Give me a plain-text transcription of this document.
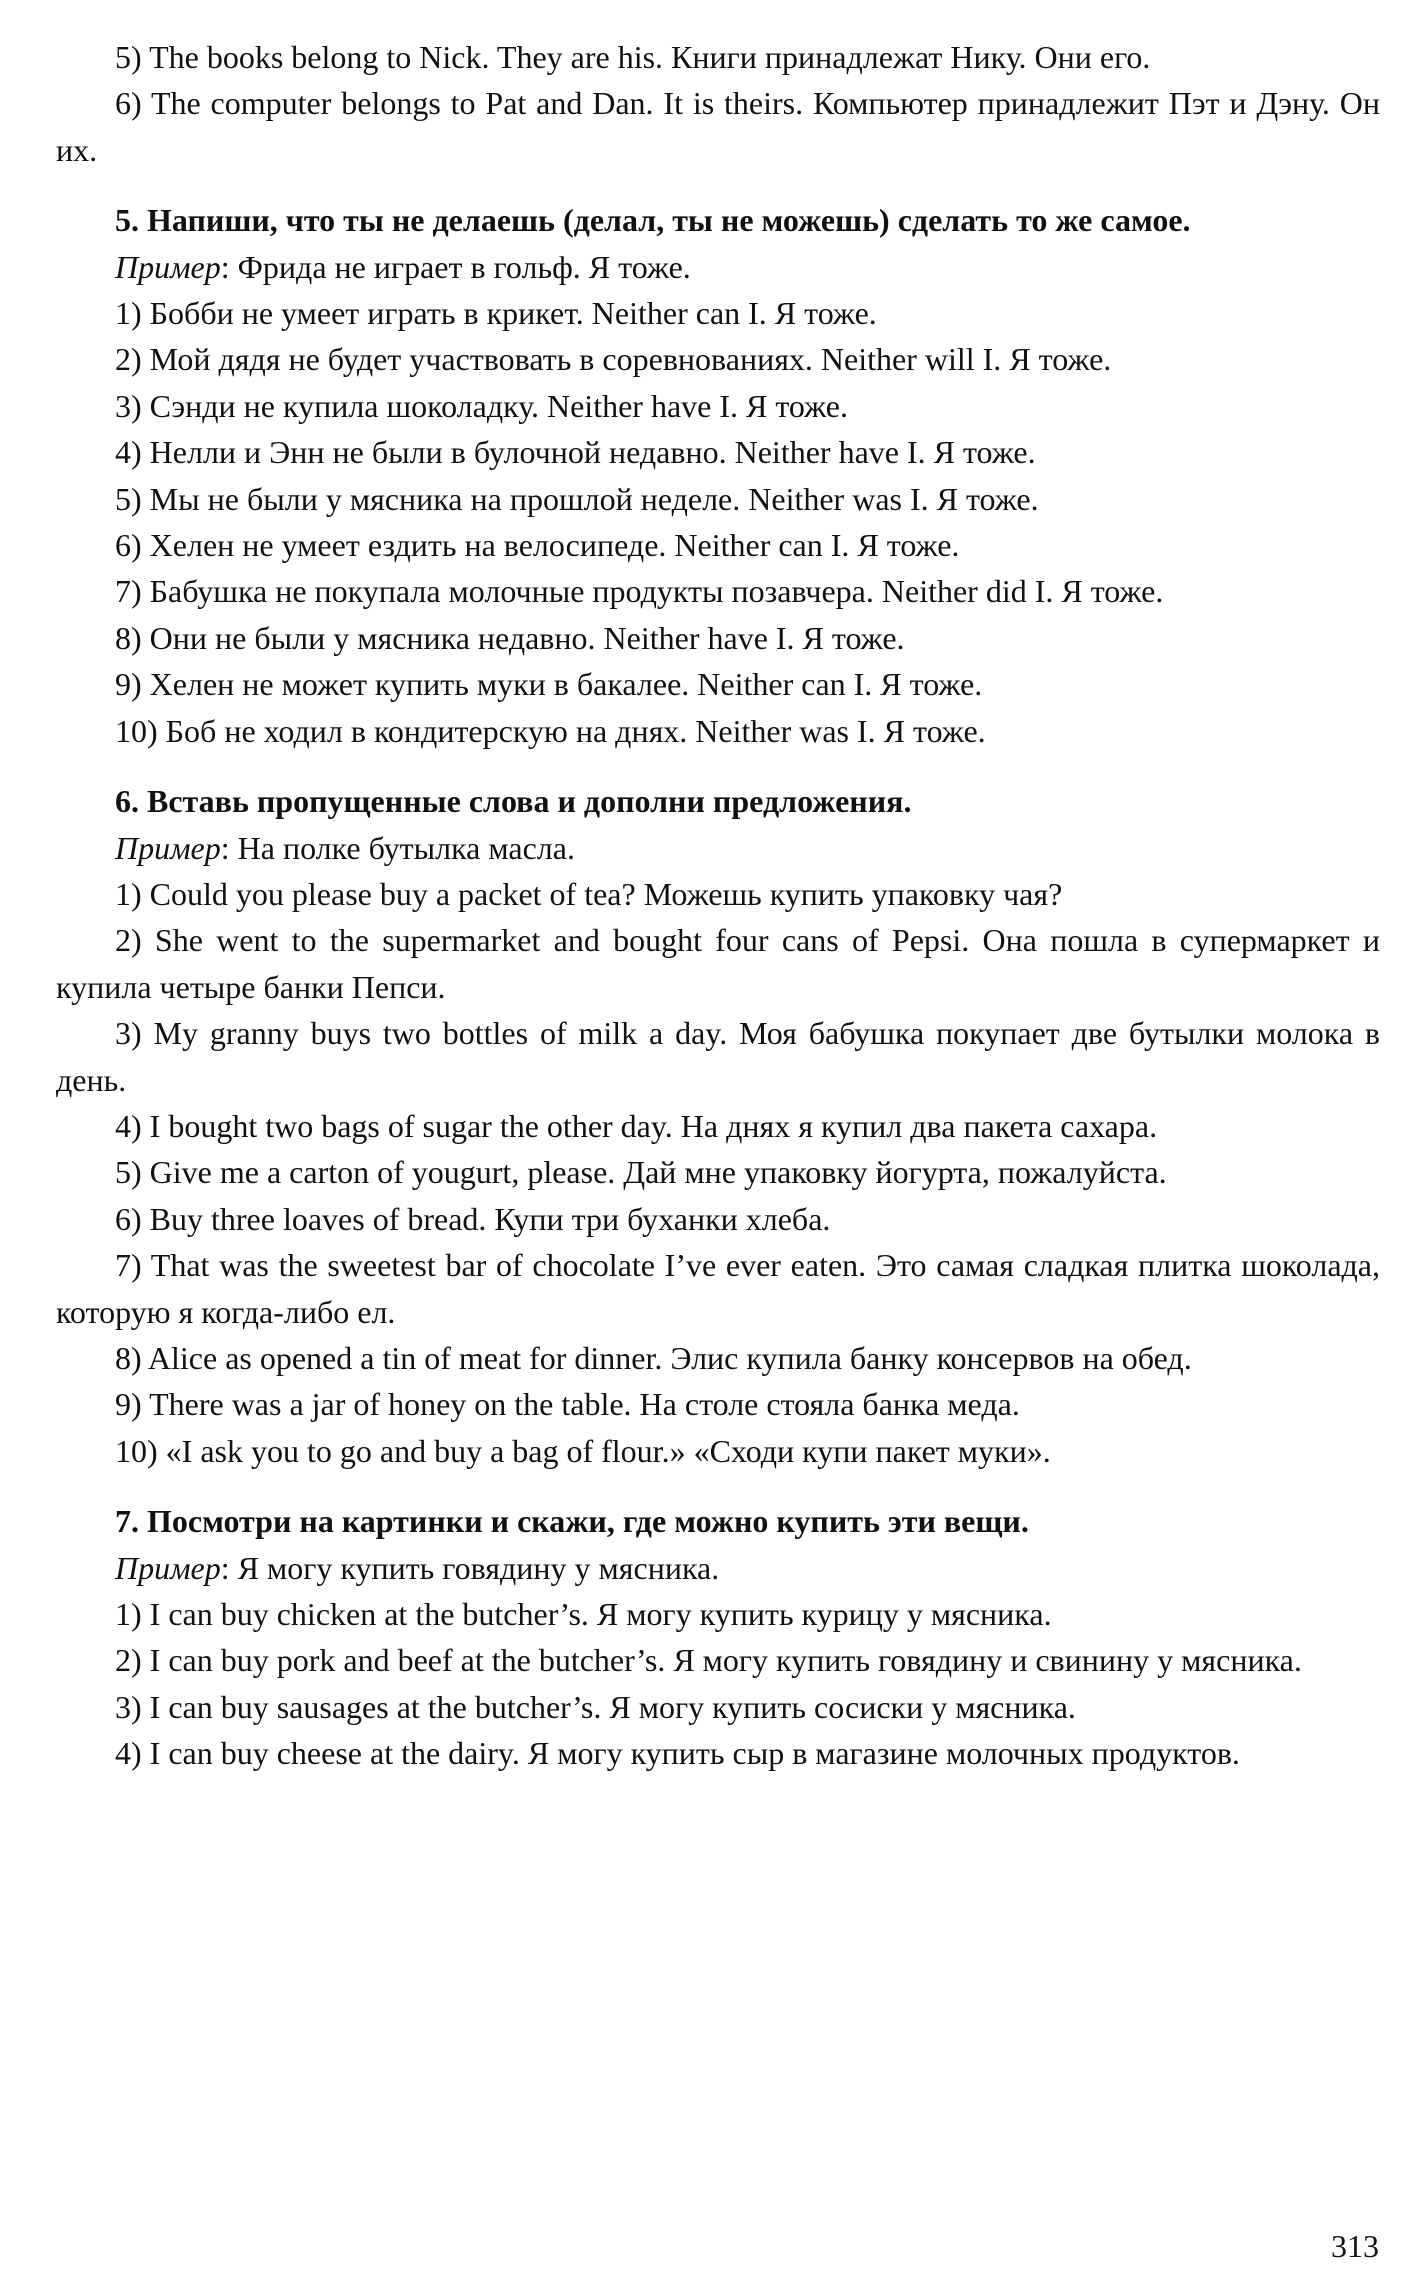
5) The books belong to Nick. They are his. Книги принадлежат Нику. Они его.

6) The computer belongs to Pat and Dan. It is theirs. Компьютер принадлежит Пэт и Дэну. Он их.

5. Напиши, что ты не делаешь (делал, ты не можешь) сделать то же самое.

Пример: Фрида не играет в гольф. Я тоже.

1) Бобби не умеет играть в крикет. Neither can I. Я тоже.

2) Мой дядя не будет участвовать в соревнованиях. Neither will I. Я тоже.

3) Сэнди не купила шоколадку. Neither have I. Я тоже.

4) Нелли и Энн не были в булочной недавно. Neither have I. Я тоже.

5) Мы не были у мясника на прошлой неделе. Neither was I. Я тоже.

6) Хелен не умеет ездить на велосипеде. Neither can I. Я тоже.

7) Бабушка не покупала молочные продукты позавчера. Neither did I. Я тоже.

8) Они не были у мясника недавно. Neither have I. Я тоже.

9) Хелен не может купить муки в бакалее. Neither can I. Я тоже.

10) Боб не ходил в кондитерскую на днях. Neither was I. Я тоже.

6. Вставь пропущенные слова и дополни предложения.

Пример: На полке бутылка масла.

1) Could you please buy a packet of tea? Можешь купить упаковку чая?

2) She went to the supermarket and bought four cans of Pepsi. Она пошла в супермаркет и купила четыре банки Пепси.

3) My granny buys two bottles of milk a day. Моя бабушка покупает две бутылки молока в день.

4) I bought two bags of sugar the other day. На днях я купил два пакета сахара.

5) Give me a carton of yougurt, please. Дай мне упаковку йогурта, пожалуйста.

6) Buy three loaves of bread. Купи три буханки хлеба.

7) That was the sweetest bar of chocolate I’ve ever eaten. Это самая сладкая плитка шоколада, которую я когда-либо ел.

8) Alice as opened a tin of meat for dinner. Элис купила банку консервов на обед.

9) There was a jar of honey on the table. На столе стояла банка меда.

10) «I ask you to go and buy a bag of flour.» «Сходи купи пакет муки».

7. Посмотри на картинки и скажи, где можно купить эти вещи.

Пример: Я могу купить говядину у мясника.

1) I can buy chicken at the butcher’s. Я могу купить курицу у мясника.

2) I can buy pork and beef at the butcher’s. Я могу купить говядину и свинину у мясника.

3) I can buy sausages at the butcher’s. Я могу купить сосиски у мясника.

4) I can buy cheese at the dairy. Я могу купить сыр в магазине молочных продуктов.

313
